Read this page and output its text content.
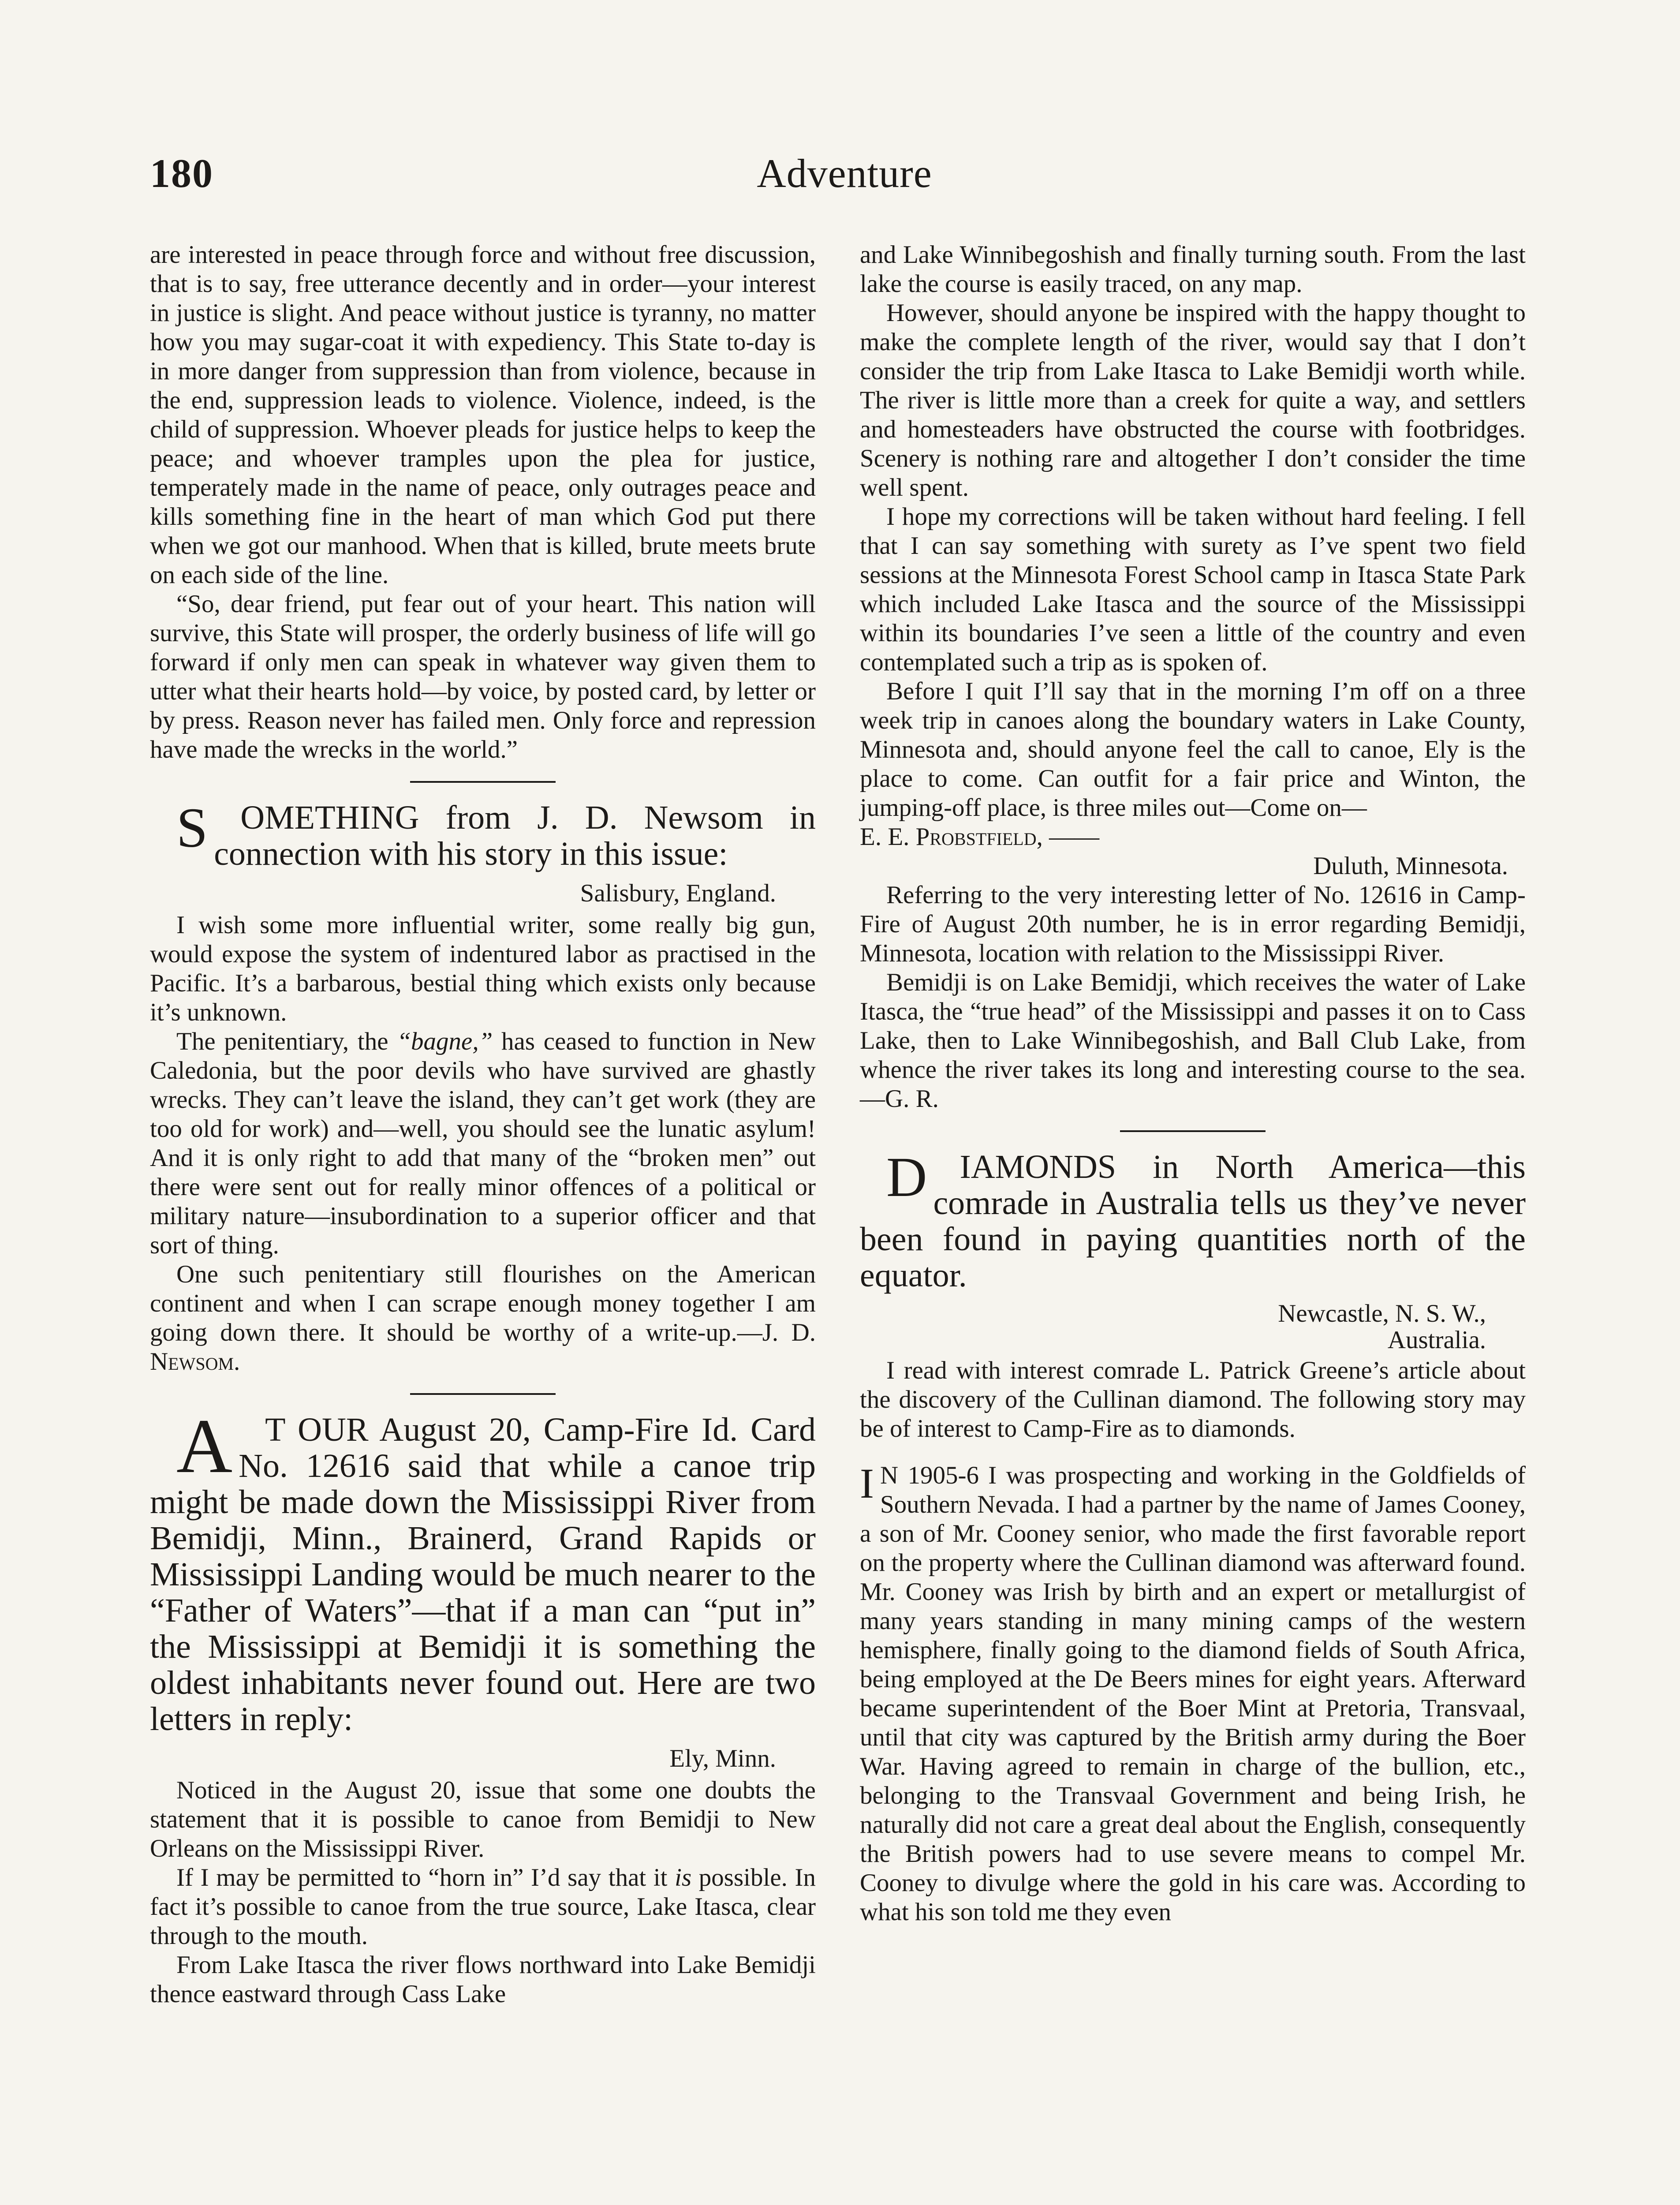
180	Adventure

are interested in peace through force and without free discussion, that is to say, free utterance decently and in order—your interest in justice is slight. And peace without justice is tyranny, no matter how you may sugar-coat it with expediency. This State to-day is in more danger from suppression than from violence, because in the end, suppression leads to violence. Violence, indeed, is the child of suppression. Whoever pleads for justice helps to keep the peace; and whoever tramples upon the plea for justice, temperately made in the name of peace, only outrages peace and kills something fine in the heart of man which God put there when we got our manhood. When that is killed, brute meets brute on each side of the line.

“So, dear friend, put fear out of your heart. This nation will survive, this State will prosper, the orderly business of life will go forward if only men can speak in whatever way given them to utter what their hearts hold—by voice, by posted card, by letter or by press. Reason never has failed men. Only force and repression have made the wrecks in the world.”

SOMETHING from J. D. Newsom in connection with his story in this issue:

Salisbury, England.

I wish some more influential writer, some really big gun, would expose the system of indentured labor as practised in the Pacific. It’s a barbarous, bestial thing which exists only because it’s unknown.

The penitentiary, the “bagne,” has ceased to function in New Caledonia, but the poor devils who have survived are ghastly wrecks. They can’t leave the island, they can’t get work (they are too old for work) and—well, you should see the lunatic asylum! And it is only right to add that many of the “broken men” out there were sent out for really minor offences of a political or military nature—insubordination to a superior officer and that sort of thing.

One such penitentiary still flourishes on the American continent and when I can scrape enough money together I am going down there. It should be worthy of a write-up.—J. D. Newsom.

A T OUR August 20, Camp-Fire Id. Card No. 12616 said that while a canoe trip might be made down the Mississippi River from Bemidji, Minn., Brainerd, Grand Rapids or Mississippi Landing would be much nearer to the “Father of Waters”—that if a man can “put in” the Mississippi at Bemidji it is something the oldest inhabitants never found out. Here are two letters in reply:

Ely, Minn.

Noticed in the August 20, issue that some one doubts the statement that it is possible to canoe from Bemidji to New Orleans on the Mississippi River.

If I may be permitted to “horn in” I’d say that it is possible. In fact it’s possible to canoe from the true source, Lake Itasca, clear through to the mouth.

From Lake Itasca the river flows northward into Lake Bemidji thence eastward through Cass Lake

and Lake Winnibegoshish and finally turning south. From the last lake the course is easily traced, on any map.

However, should anyone be inspired with the happy thought to make the complete length of the river, would say that I don’t consider the trip from Lake Itasca to Lake Bemidji worth while. The river is little more than a creek for quite a way, and settlers and homesteaders have obstructed the course with footbridges. Scenery is nothing rare and altogether I don’t consider the time well spent.

I hope my corrections will be taken without hard feeling. I fell that I can say something with surety as I’ve spent two field sessions at the Minnesota Forest School camp in Itasca State Park which included Lake Itasca and the source of the Mississippi within its boundaries I’ve seen a little of the country and even contemplated such a trip as is spoken of.

Before I quit I’ll say that in the morning I’m off on a three week trip in canoes along the boundary waters in Lake County, Minnesota and, should anyone feel the call to canoe, Ely is the place to come. Can outfit for a fair price and Winton, the jumping-off place, is three miles out—Come on—

E. E. Probstfield, ——
Duluth, Minnesota.

Referring to the very interesting letter of No. 12616 in Camp-Fire of August 20th number, he is in error regarding Bemidji, Minnesota, location with relation to the Mississippi River.

Bemidji is on Lake Bemidji, which receives the water of Lake Itasca, the “true head” of the Mississippi and passes it on to Cass Lake, then to Lake Winnibegoshish, and Ball Club Lake, from whence the river takes its long and interesting course to the sea.—G. R.

DIAMONDS in North America—this comrade in Australia tells us they’ve never been found in paying quantities north of the equator.

Newcastle, N. S. W.,
Australia.

I read with interest comrade L. Patrick Greene’s article about the discovery of the Cullinan diamond. The following story may be of interest to Camp-Fire as to diamonds.

I N 1905-6 I was prospecting and working in the Goldfields of Southern Nevada. I had a partner by the name of James Cooney, a son of Mr. Cooney senior, who made the first favorable report on the property where the Cullinan diamond was afterward found. Mr. Cooney was Irish by birth and an expert or metallurgist of many years standing in many mining camps of the western hemisphere, finally going to the diamond fields of South Africa, being employed at the De Beers mines for eight years. Afterward became superintendent of the Boer Mint at Pretoria, Transvaal, until that city was captured by the British army during the Boer War. Having agreed to remain in charge of the bullion, etc., belonging to the Transvaal Government and being Irish, he naturally did not care a great deal about the English, consequently the British powers had to use severe means to compel Mr. Cooney to divulge where the gold in his care was. According to what his son told me they even
